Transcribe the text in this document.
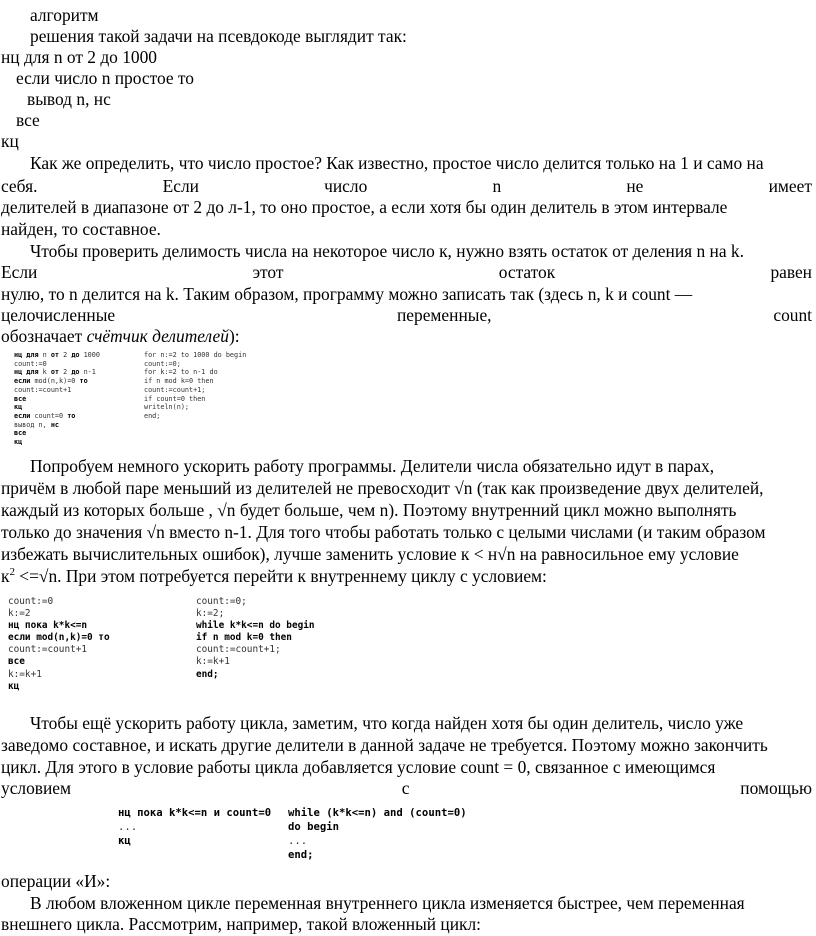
алгоритм
решения такой задачи на псевдокоде выглядит так:
нц для n от 2 до 1000
если число n простое то
вывод n, нс
все
кц
Как же определить, что число простое? Как известно, простое число делится только на 1 и само на
себя.	Если	число	n	не	имеет
делителей в диапазоне от 2 до л-1, то оно простое, а если хотя бы один делитель в этом интервале
найден, то составное.
Чтобы проверить делимость числа на некоторое число к, нужно взять остаток от деления n на k.
Если	этот	остаток	равен
нулю, то n делится на k. Таким образом, программу можно записать так (здесь n, k и count —
целочисленные	переменные,	count
обозначает счётчик делителей):
нц для n от 2 до 1000
count:=0
нц для k от 2 до n-1
если mod(n,k)=0 то
count:=count+1
все
кц
если count=0 то
вывод n, нс
все
кц
for n:=2 to 1000 do begin
count:=0;
for k:=2 to n-1 do
if n mod k=0 then
count:=count+1;
if count=0 then
writeln(n);
end;
Попробуем немного ускорить работу программы. Делители числа обязательно идут в парах,
причём в любой паре меньший из делителей не превосходит √n (так как произведение двух делителей,
каждый из которых больше , √n будет больше, чем n). Поэтому внутренний цикл можно выполнять
только до значения √n вместо n-1. Для того чтобы работать только с целыми числами (и таким образом
избежать вычислительных ошибок), лучше заменить условие к < н√n на равносильное ему условие
$к^2 <=√n$. При этом потребуется перейти к внутреннему циклу с условием:
count:=0
k:=2
нц пока k*k<=n
если mod(n,k)=0 то
count:=count+1
все
k:=k+1
кц
count:=0;
k:=2;
while k*k<=n do begin
if n mod k=0 then
count:=count+1;
k:=k+1
end;
Чтобы ещё ускорить работу цикла, заметим, что когда найден хотя бы один делитель, число уже
заведомо составное, и искать другие делители в данной задаче не требуется. Поэтому можно закончить
цикл. Для этого в условие работы цикла добавляется условие count = 0, связанное с имеющимся
условием	с	помощью
нц пока k*k<=n и count=0
...
кц
while (k*k<=n) and (count=0)
do begin
...
end;
операции «И»:
В любом вложенном цикле переменная внутреннего цикла изменяется быстрее, чем переменная
внешнего цикла. Рассмотрим, например, такой вложенный цикл:
